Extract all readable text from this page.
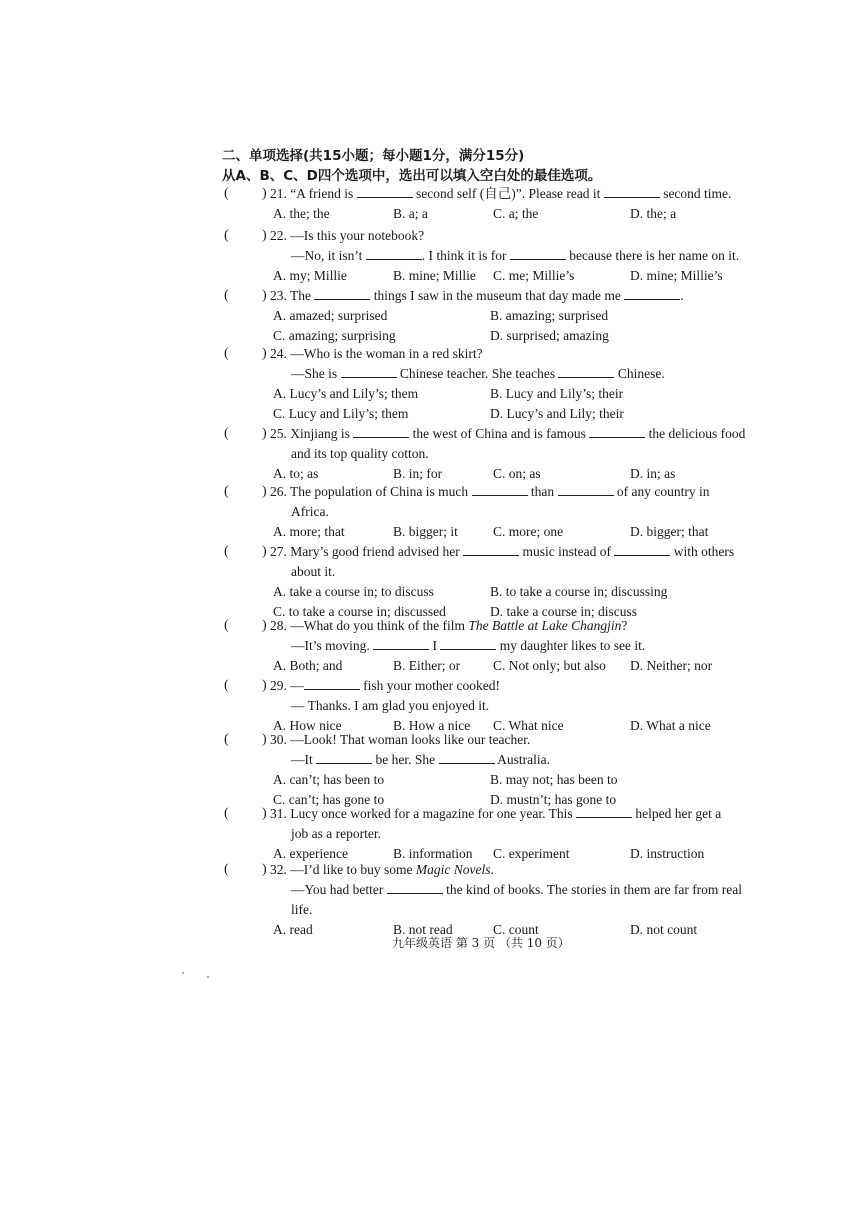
二、单项选择(共15小题；每小题1分，满分15分)
从A、B、C、D四个选项中，选出可以填入空白处的最佳选项。
( ) 21. “A friend is	second self (自己)”. Please read it	second time.
A. the; the	B. a; a	C. a; the	D. the; a
( ) 22. —Is this your notebook?
—No, it isn’t	. I think it is for	because there is her name on it.
A. my; Millie	B. mine; Millie C. me; Millie’s	D. mine; Millie’s
( ) 23. The	things I saw in the museum that day made me	.
A. amazed; surprised	B. amazing; surprised
C. amazing; surprising	D. surprised; amazing
( ) 24. —Who is the woman in a red skirt?
—She is	Chinese teacher. She teaches	Chinese.
A. Lucy’s and Lily’s; them	B. Lucy and Lily’s; their
C. Lucy and Lily’s; them	D. Lucy’s and Lily; their
( ) 25. Xinjiang is	the west of China and is famous	the delicious food
and its top quality cotton.
A. to; as	B. in; for	C. on; as	D. in; as
( ) 26. The population of China is much	than	of any country in
Africa.
A. more; that	B. bigger; it	C. more; one	D. bigger; that
( ) 27. Mary’s good friend advised her	music instead of	with others
about it.
A. take a course in; to discuss	B. to take a course in; discussing
C. to take a course in; discussed	D. take a course in; discuss
( ) 28. —What do you think of the film The Battle at Lake Changjin?
—It’s moving.	I	my daughter likes to see it.
A. Both; and	B. Either; or C. Not only; but also D. Neither; nor
( ) 29. —	fish your mother cooked!
— Thanks. I am glad you enjoyed it.
A. How nice	B. How a nice C. What nice	D. What a nice
( ) 30. —Look! That woman looks like our teacher.
—It	be her. She	Australia.
A. can’t; has been to	B. may not; has been to
C. can’t; has gone to	D. mustn’t; has gone to
( ) 31. Lucy once worked for a magazine for one year. This	helped her get a
job as a reporter.
A. experience	B. information C. experiment	D. instruction
( ) 32. —I’d like to buy some Magic Novels.
—You had better	the kind of books. The stories in them are far from real
life.
A. read	B. not read	C. count	D. not count
九年级英语 第 3 页 （共 10 页）
